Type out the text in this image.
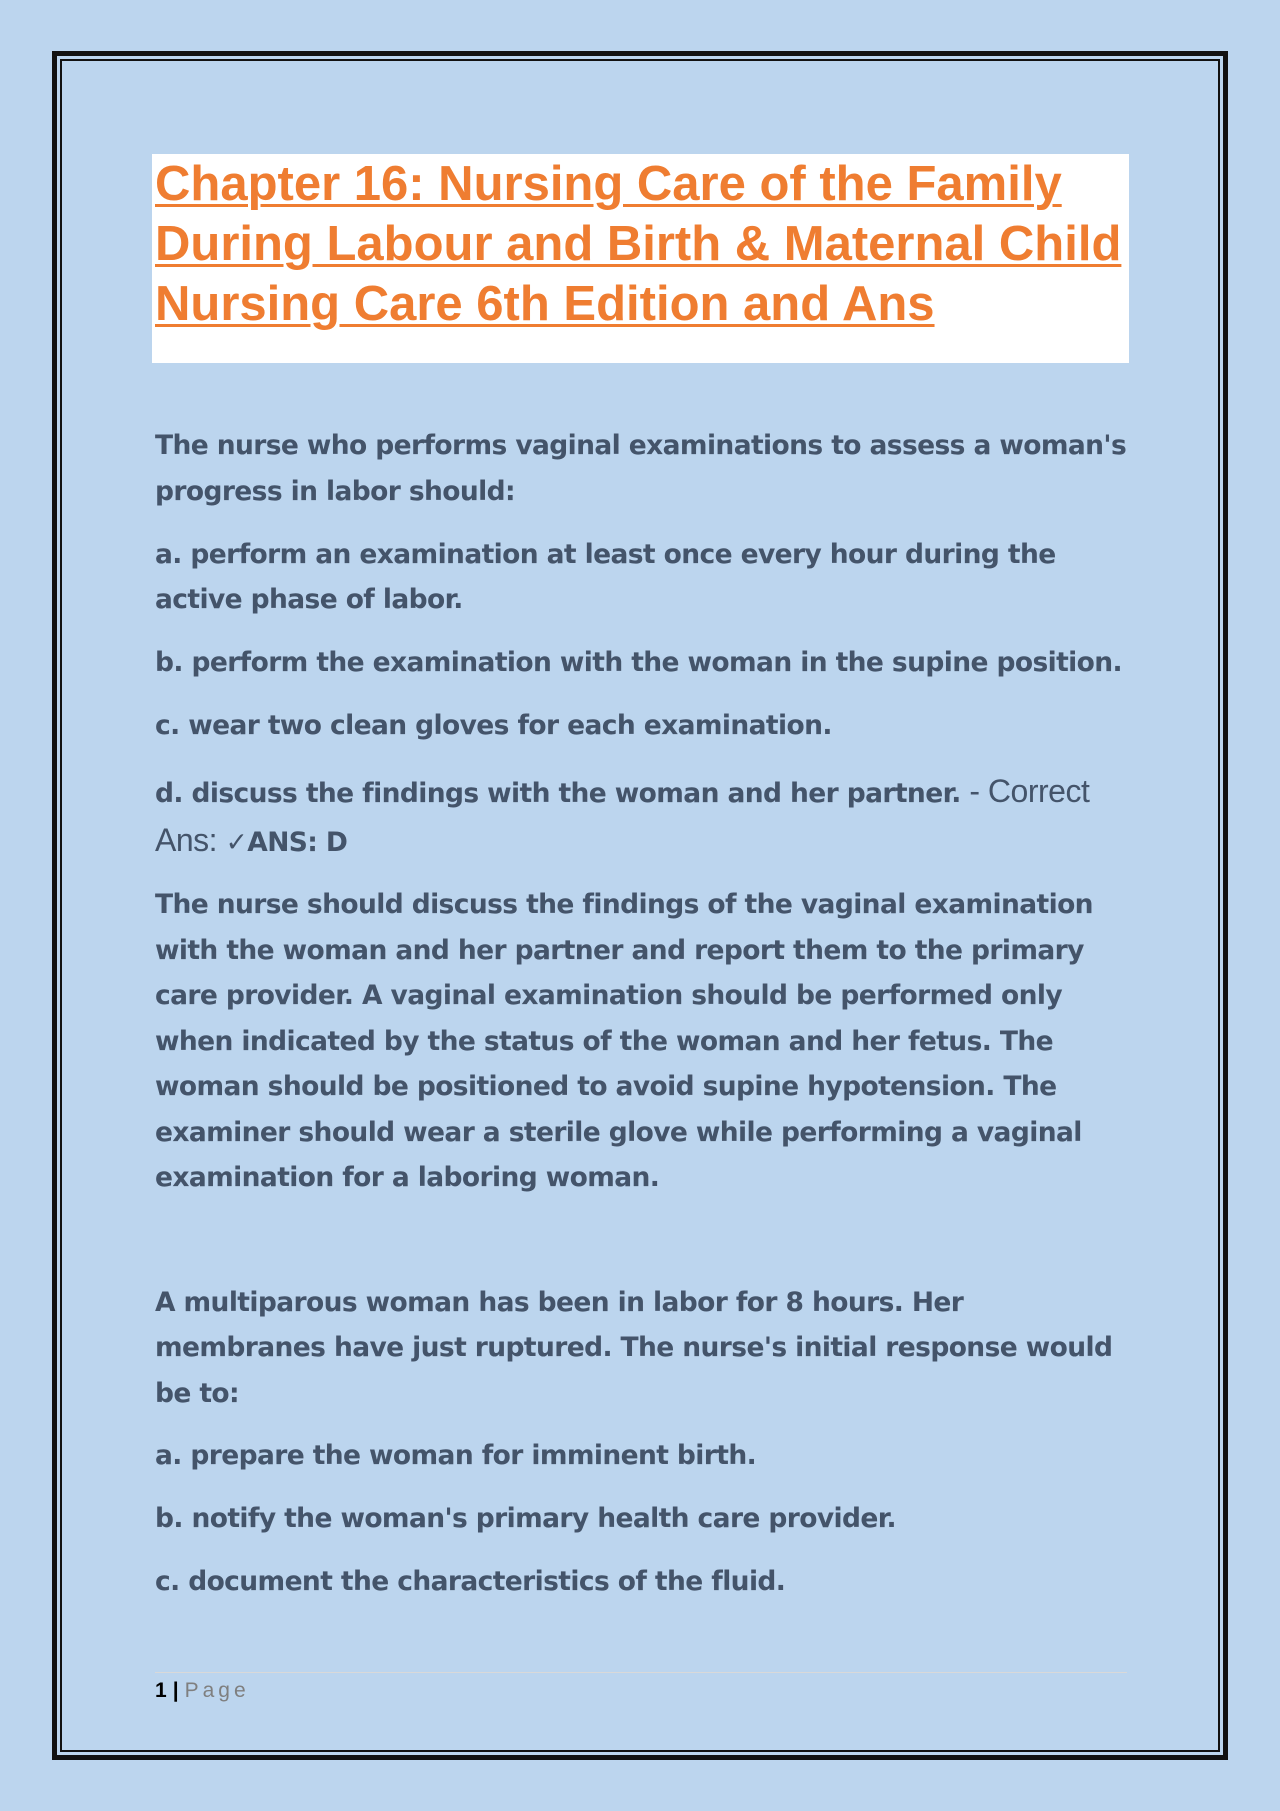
Chapter 16: Nursing Care of the Family During Labour and Birth & Maternal Child Nursing Care 6th Edition and Ans

The nurse who performs vaginal examinations to assess a woman's

progress in labor should:

a. perform an examination at least once every hour during the

active phase of labor.

b. perform the examination with the woman in the supine position.

c. wear two clean gloves for each examination.

d. discuss the findings with the woman and her partner. - Correct

Ans: ✓ANS: D

The nurse should discuss the findings of the vaginal examination

with the woman and her partner and report them to the primary

care provider. A vaginal examination should be performed only

when indicated by the status of the woman and her fetus. The

woman should be positioned to avoid supine hypotension. The

examiner should wear a sterile glove while performing a vaginal

examination for a laboring woman.

A multiparous woman has been in labor for 8 hours. Her

membranes have just ruptured. The nurse's initial response would

be to:

a. prepare the woman for imminent birth.

b. notify the woman's primary health care provider.

c. document the characteristics of the fluid.

1 | Page
